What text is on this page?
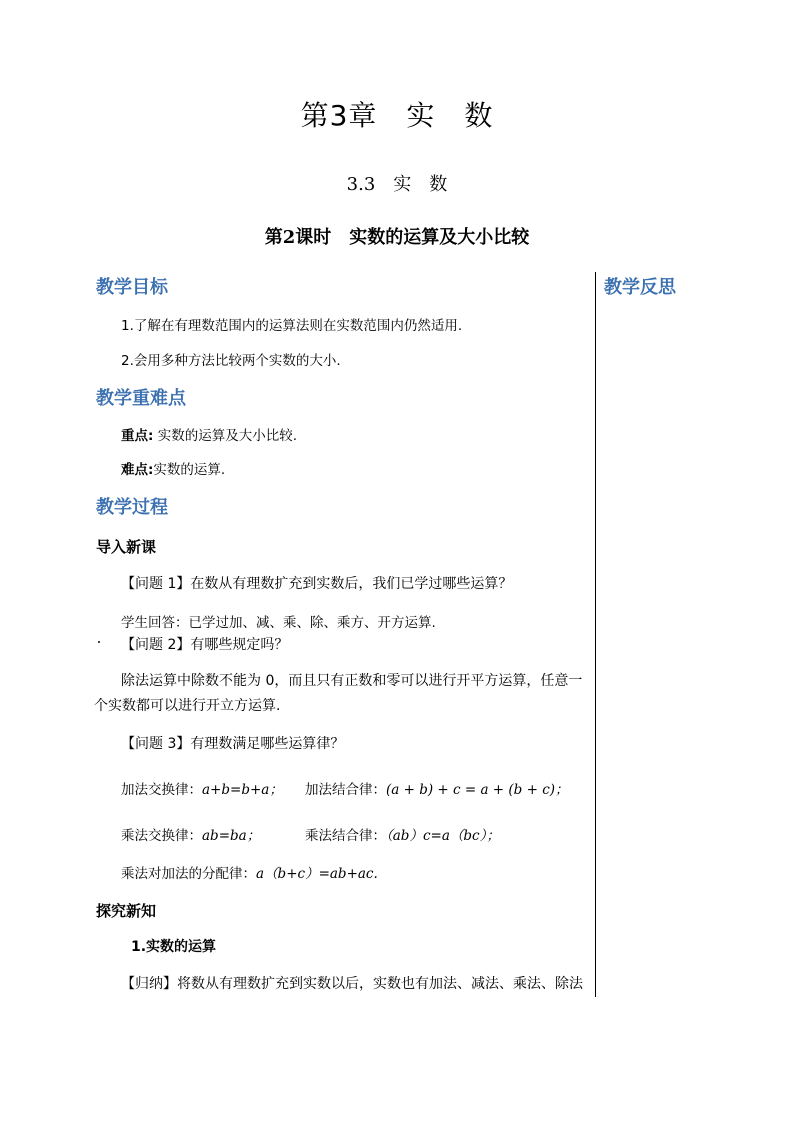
第3章　实　数
3.3　实　数
第2课时　实数的运算及大小比较
教学反思
教学目标
1.了解在有理数范围内的运算法则在实数范围内仍然适用.
2.会用多种方法比较两个实数的大小.
教学重难点
重点: 实数的运算及大小比较.
难点:实数的运算.
教学过程
导入新课
【问题 1】在数从有理数扩充到实数后，我们已学过哪些运算？
学生回答：已学过加、减、乘、除、乘方、开方运算.
【问题 2】有哪些规定吗？
除法运算中除数不能为 0，而且只有正数和零可以进行开平方运算，任意一
个实数都可以进行开立方运算.
【问题 3】有理数满足哪些运算律？
加法交换律：a+b=b+a； 加法结合律：(a + b) + c = a + (b + c)；
乘法交换律：ab=ba；	乘法结合律：（ab）c=a（bc）；
乘法对加法的分配律：a（b+c）=ab+ac.
探究新知
1.实数的运算
【归纳】将数从有理数扩充到实数以后，实数也有加法、减法、乘法、除法
